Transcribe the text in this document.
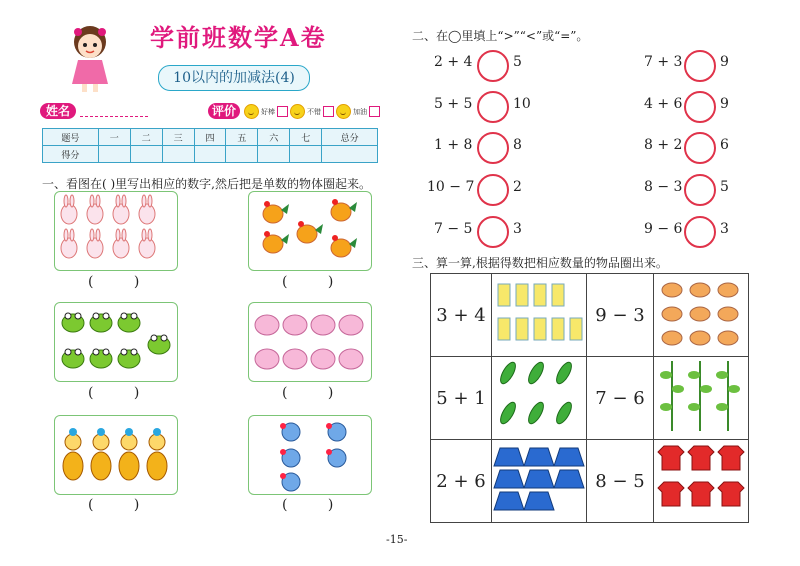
学前班数学A卷
10以内的加减法(4)
姓名	评价	好棒	不错	加油
题号	一	二	三	四	五	六	七	总分
得分								
一、看图在( )里写出相应的数字,然后把是单数的物体圈起来。
( )	( )
( )	( )
( )	( )
二、在◯里填上“>”“<”或“=”。
2 + 4	5
5 + 5	10
1 + 8	8
10 − 7	2
7 − 5	3
7 + 3	9
4 + 6	9
8 + 2	6
8 − 3	5
9 − 6	3
三、算一算,根据得数把相应数量的物品圈出来。
3 + 4		9 − 3	
5 + 1		7 − 6	
2 + 6		8 − 5	
-15-
